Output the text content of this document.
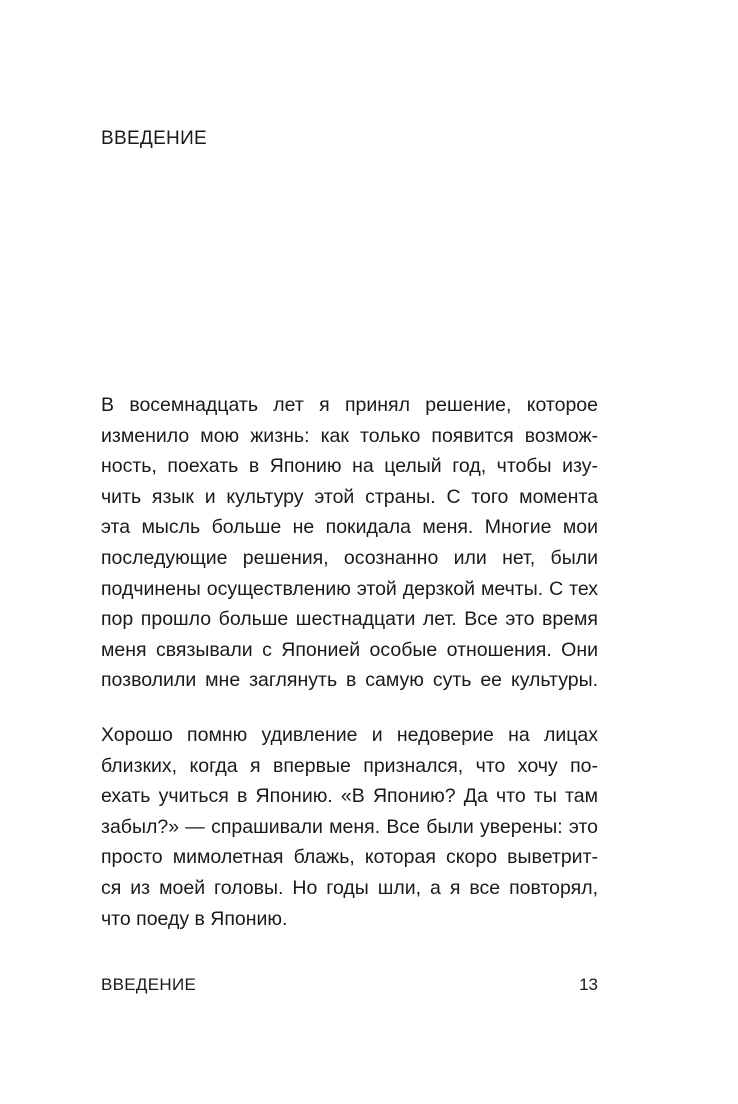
ВВЕДЕНИЕ

В восемнадцать лет я принял решение, которое
изменило мою жизнь: как только появится возмож-
ность, поехать в Японию на целый год, чтобы изу-
чить язык и культуру этой страны. С того момента
эта мысль больше не покидала меня. Многие мои
последующие решения, осознанно или нет, были
подчинены осуществлению этой дерзкой мечты. С тех
пор прошло больше шестнадцати лет. Все это время
меня связывали с Японией особые отношения. Они
позволили мне заглянуть в самую суть ее культуры.

Хорошо помню удивление и недоверие на лицах
близких, когда я впервые признался, что хочу по-
ехать учиться в Японию. «В Японию? Да что ты там
забыл?» — спрашивали меня. Все были уверены: это
просто мимолетная блажь, которая скоро выветрит-
ся из моей головы. Но годы шли, а я все повторял,
что поеду в Японию.

ВВЕДЕНИЕ	13
